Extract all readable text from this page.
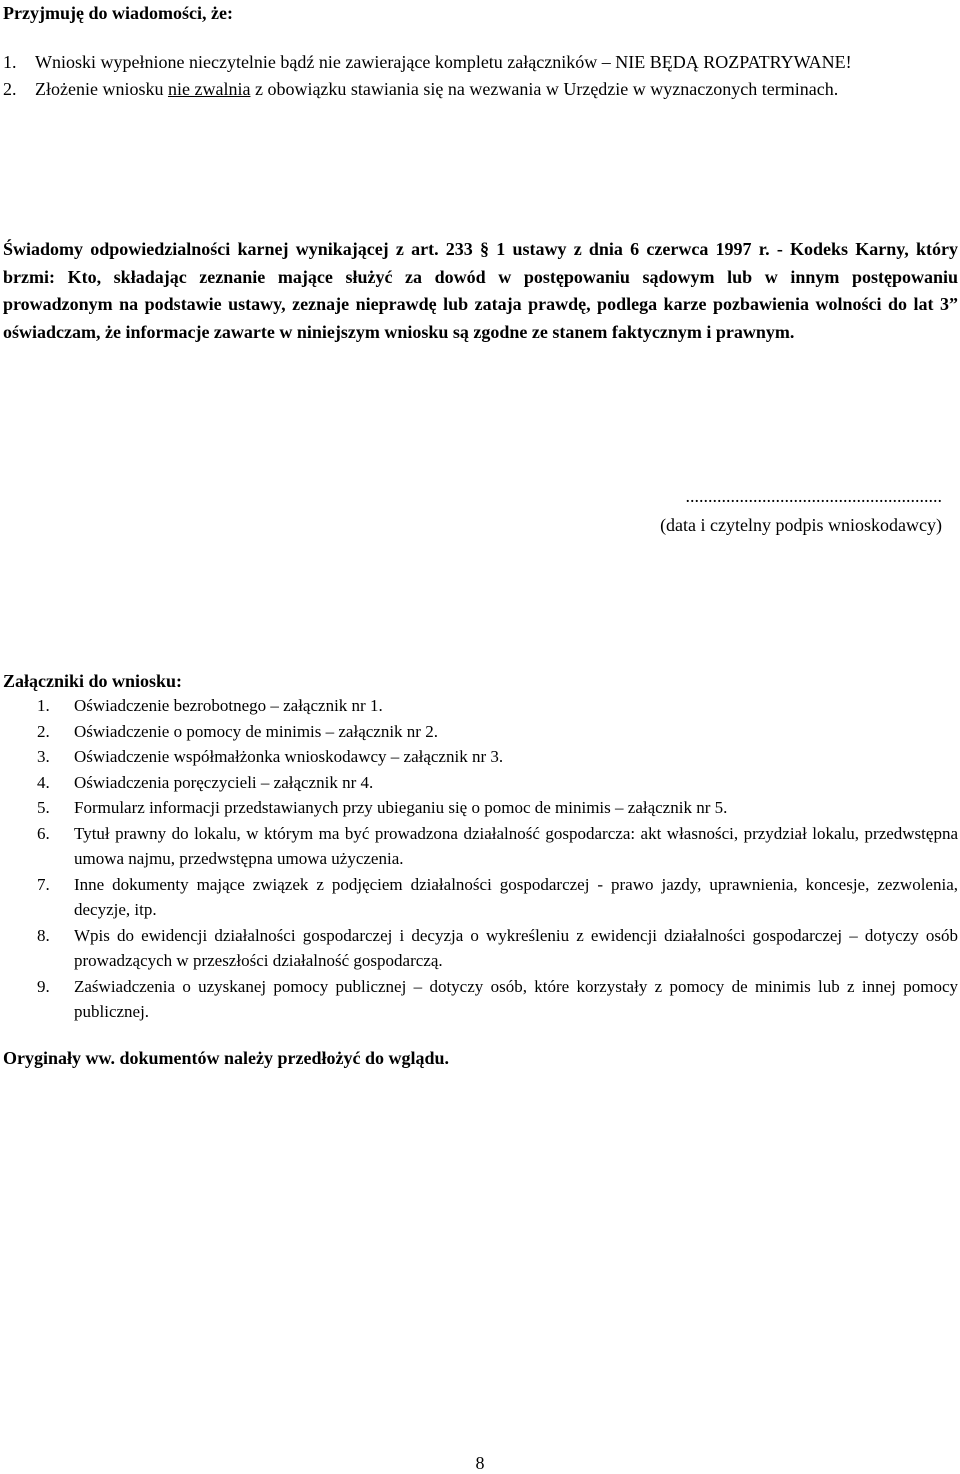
Przyjmuję do wiadomości, że:
1.	Wnioski wypełnione nieczytelnie bądź nie zawierające kompletu załączników – NIE BĘDĄ ROZPATRYWANE!
2.	Złożenie wniosku nie zwalnia z obowiązku stawiania się na wezwania w Urzędzie w wyznaczonych terminach.
Świadomy odpowiedzialności karnej wynikającej z art. 233 § 1 ustawy z dnia 6 czerwca 1997 r. - Kodeks Karny, który brzmi: Kto, składając zeznanie mające służyć za dowód w postępowaniu sądowym lub w innym postępowaniu prowadzonym na podstawie ustawy, zeznaje nieprawdę lub zataja prawdę, podlega karze pozbawienia wolności do lat 3” oświadczam, że informacje zawarte w niniejszym wniosku są zgodne ze stanem faktycznym i prawnym.
.........................................................
(data i czytelny podpis wnioskodawcy)
Załączniki do wniosku:
1.	Oświadczenie bezrobotnego – załącznik nr 1.
2.	Oświadczenie o pomocy de minimis – załącznik nr 2.
3.	Oświadczenie współmałżonka wnioskodawcy – załącznik nr 3.
4.	Oświadczenia poręczycieli – załącznik nr 4.
5.	Formularz informacji przedstawianych przy ubieganiu się o pomoc de minimis – załącznik nr 5.
6.	Tytuł prawny do lokalu, w którym ma być prowadzona działalność gospodarcza: akt własności, przydział lokalu, przedwstępna umowa najmu, przedwstępna umowa użyczenia.
7.	Inne dokumenty mające związek z podjęciem działalności gospodarczej - prawo jazdy, uprawnienia, koncesje, zezwolenia, decyzje, itp.
8.	Wpis do ewidencji działalności gospodarczej i decyzja o wykreśleniu z ewidencji działalności gospodarczej – dotyczy osób prowadzących w przeszłości działalność gospodarczą.
9.	Zaświadczenia o uzyskanej pomocy publicznej – dotyczy osób, które korzystały z pomocy de minimis lub z innej pomocy publicznej.
Oryginały ww. dokumentów należy przedłożyć do wglądu.
8
